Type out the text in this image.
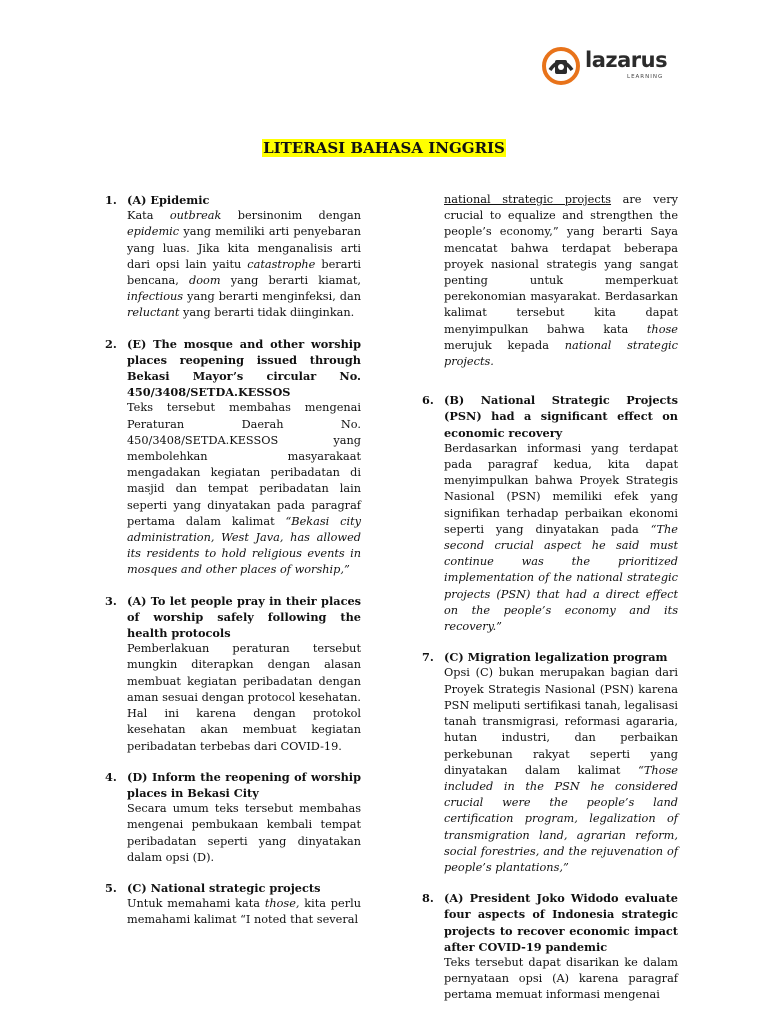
lazarus
LEARNING
LITERASI BAHASA INGGRIS
1. (A) Epidemic

Kata outbreak bersinonim dengan epidemic yang memiliki arti penyebaran yang luas. Jika kita menganalisis arti dari opsi lain yaitu catastrophe berarti bencana, doom yang berarti kiamat, infectious yang berarti menginfeksi, dan reluctant yang berarti tidak diinginkan.

2. (E) The mosque and other worship places reopening issued through Bekasi Mayor’s circular No. 450/3408/SETDA.KESSOS

Teks tersebut membahas mengenai Peraturan Daerah No. 450/3408/SETDA.KESSOS yang membolehkan masyarakaat mengadakan kegiatan peribadatan di masjid dan tempat peribadatan lain seperti yang dinyatakan pada paragraf pertama dalam kalimat “Bekasi city administration, West Java, has allowed its residents to hold religious events in mosques and other places of worship,”

3. (A) To let people pray in their places of worship safely following the health protocols

Pemberlakuan peraturan tersebut mungkin diterapkan dengan alasan membuat kegiatan peribadatan dengan aman sesuai dengan protocol kesehatan. Hal ini karena dengan protokol kesehatan akan membuat kegiatan peribadatan terbebas dari COVID-19.

4. (D) Inform the reopening of worship places in Bekasi City

Secara umum teks tersebut membahas mengenai pembukaan kembali tempat peribadatan seperti yang dinyatakan dalam opsi (D).

5. (C) National strategic projects

Untuk memahami kata those, kita perlu memahami kalimat “I noted that several

national strategic projects are very crucial to equalize and strengthen the people’s economy,” yang berarti Saya mencatat bahwa terdapat beberapa proyek nasional strategis yang sangat penting untuk memperkuat perekonomian masyarakat. Berdasarkan kalimat tersebut kita dapat menyimpulkan bahwa kata those merujuk kepada national strategic projects.

6. (B) National Strategic Projects (PSN) had a significant effect on economic recovery

Berdasarkan informasi yang terdapat pada paragraf kedua, kita dapat menyimpulkan bahwa Proyek Strategis Nasional (PSN) memiliki efek yang signifikan terhadap perbaikan ekonomi seperti yang dinyatakan pada “The second crucial aspect he said must continue was the prioritized implementation of the national strategic projects (PSN) that had a direct effect on the people’s economy and its recovery.”

7. (C) Migration legalization program

Opsi (C) bukan merupakan bagian dari Proyek Strategis Nasional (PSN) karena PSN meliputi sertifikasi tanah, legalisasi tanah transmigrasi, reformasi agararia, hutan industri, dan perbaikan perkebunan rakyat seperti yang dinyatakan dalam kalimat “Those included in the PSN he considered crucial were the people’s land certification program, legalization of transmigration land, agrarian reform, social forestries, and the rejuvenation of people’s plantations,”

8. (A) President Joko Widodo evaluate four aspects of Indonesia strategic projects to recover economic impact after COVID-19 pandemic

Teks tersebut dapat disarikan ke dalam pernyataan opsi (A) karena paragraf pertama memuat informasi mengenai
